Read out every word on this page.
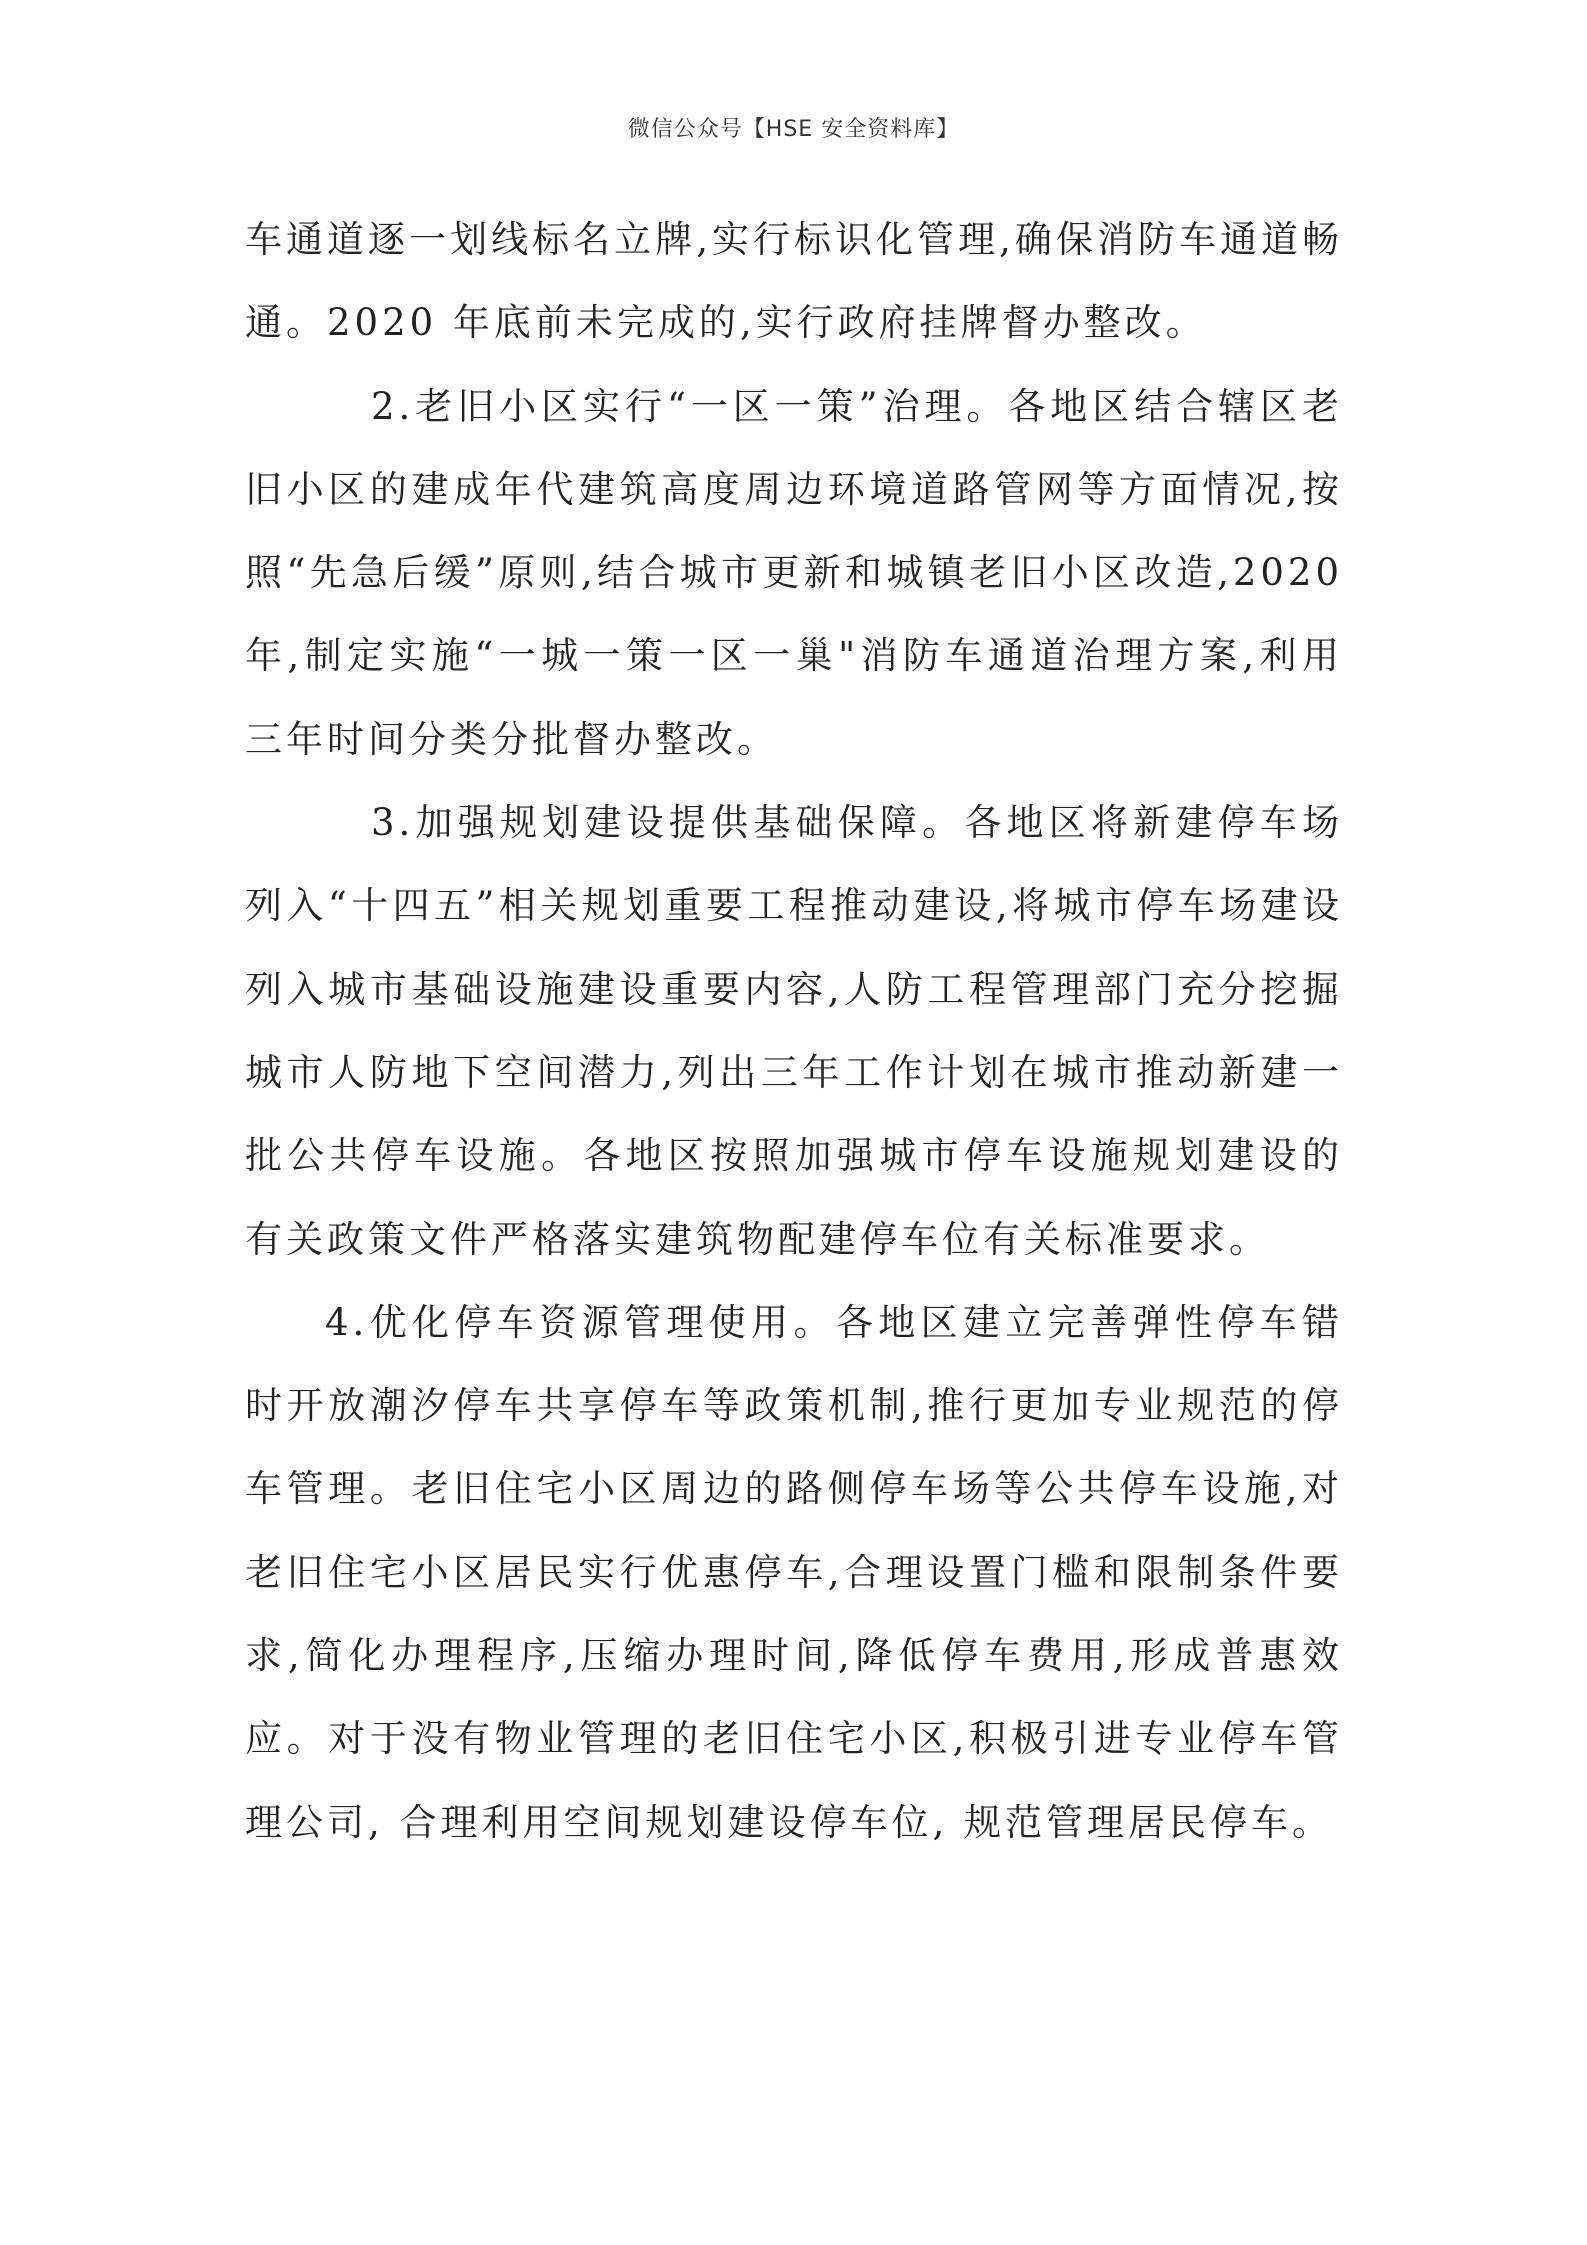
微信公众号【HSE 安全资料库】

车通道逐一划线标名立牌,实行标识化管理,确保消防车通道畅通。2020 年底前未完成的,实行政府挂牌督办整改。

2.老旧小区实行“一区一策”治理。各地区结合辖区老旧小区的建成年代建筑高度周边环境道路管网等方面情况,按照“先急后缓”原则,结合城市更新和城镇老旧小区改造,2020 年,制定实施“一城一策一区一巢"消防车通道治理方案,利用三年时间分类分批督办整改。

3.加强规划建设提供基础保障。各地区将新建停车场列入“十四五”相关规划重要工程推动建设,将城市停车场建设列入城市基础设施建设重要内容,人防工程管理部门充分挖掘城市人防地下空间潜力,列出三年工作计划在城市推动新建一批公共停车设施。各地区按照加强城市停车设施规划建设的有关政策文件严格落实建筑物配建停车位有关标准要求。

4.优化停车资源管理使用。各地区建立完善弹性停车错时开放潮汐停车共享停车等政策机制,推行更加专业规范的停车管理。老旧住宅小区周边的路侧停车场等公共停车设施,对老旧住宅小区居民实行优惠停车,合理设置门槛和限制条件要求,简化办理程序,压缩办理时间,降低停车费用,形成普惠效应。对于没有物业管理的老旧住宅小区,积极引进专业停车管理公司, 合理利用空间规划建设停车位, 规范管理居民停车。
